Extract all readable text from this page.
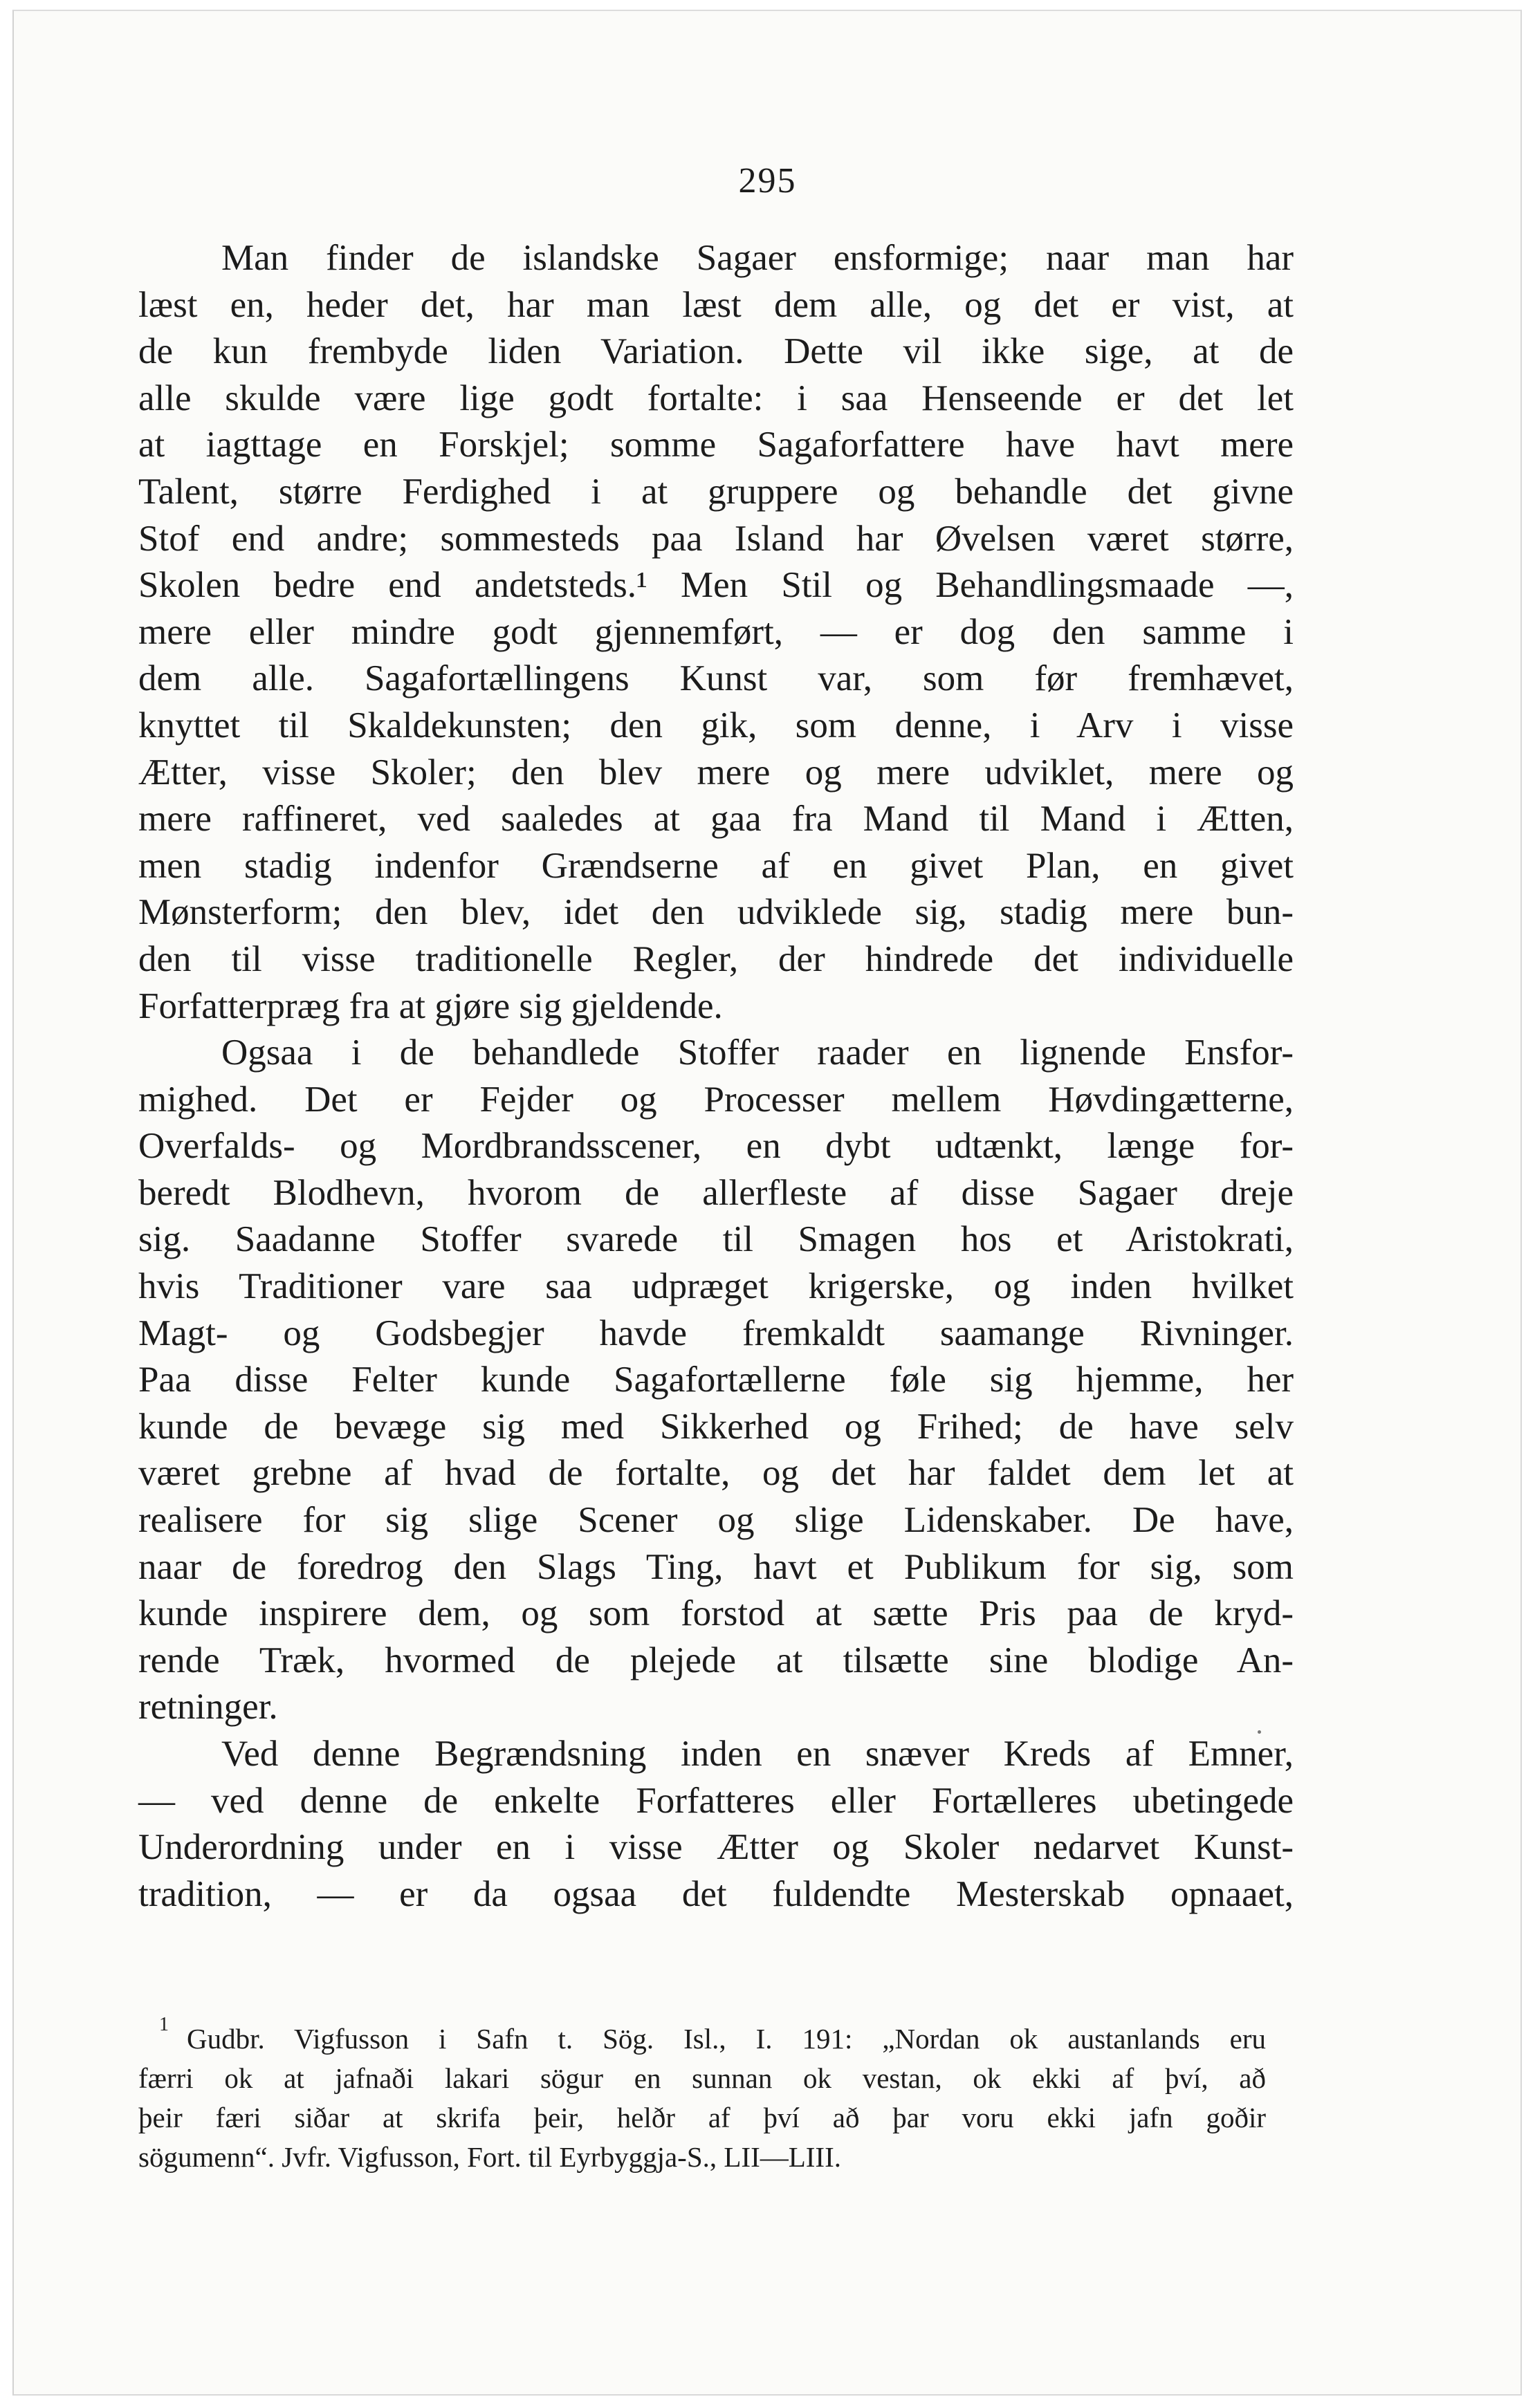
295
Man finder de islandske Sagaer ensformige; naar man har
læst en, heder det, har man læst dem alle, og det er vist, at
de kun frembyde liden Variation. Dette vil ikke sige, at de
alle skulde være lige godt fortalte: i saa Henseende er det let
at iagttage en Forskjel; somme Sagaforfattere have havt mere
Talent, større Ferdighed i at gruppere og behandle det givne
Stof end andre; sommesteds paa Island har Øvelsen været større,
Skolen bedre end andetsteds.¹ Men Stil og Behandlingsmaade —,
mere eller mindre godt gjennemført, — er dog den samme i
dem alle. Sagafortællingens Kunst var, som før fremhævet,
knyttet til Skaldekunsten; den gik, som denne, i Arv i visse
Ætter, visse Skoler; den blev mere og mere udviklet, mere og
mere raffineret, ved saaledes at gaa fra Mand til Mand i Ætten,
men stadig indenfor Grændserne af en givet Plan, en givet
Mønsterform; den blev, idet den udviklede sig, stadig mere bun-
den til visse traditionelle Regler, der hindrede det individuelle
Forfatterpræg fra at gjøre sig gjeldende.
Ogsaa i de behandlede Stoffer raader en lignende Ensfor-
mighed. Det er Fejder og Processer mellem Høvdingætterne,
Overfalds- og Mordbrandsscener, en dybt udtænkt, længe for-
beredt Blodhevn, hvorom de allerfleste af disse Sagaer dreje
sig. Saadanne Stoffer svarede til Smagen hos et Aristokrati,
hvis Traditioner vare saa udpræget krigerske, og inden hvilket
Magt- og Godsbegjer havde fremkaldt saamange Rivninger.
Paa disse Felter kunde Sagafortællerne føle sig hjemme, her
kunde de bevæge sig med Sikkerhed og Frihed; de have selv
været grebne af hvad de fortalte, og det har faldet dem let at
realisere for sig slige Scener og slige Lidenskaber. De have,
naar de foredrog den Slags Ting, havt et Publikum for sig, som
kunde inspirere dem, og som forstod at sætte Pris paa de kryd-
rende Træk, hvormed de plejede at tilsætte sine blodige An-
retninger.
Ved denne Begrændsning inden en snæver Kreds af Emner,
— ved denne de enkelte Forfatteres eller Fortælleres ubetingede
Underordning under en i visse Ætter og Skoler nedarvet Kunst-
tradition, — er da ogsaa det fuldendte Mesterskab opnaaet,
1 Gudbr. Vigfusson i Safn t. Sög. Isl., I. 191: „Nordan ok austanlands eru
færri ok at jafnaði lakari sögur en sunnan ok vestan, ok ekki af því, að
þeir færi siðar at skrifa þeir, helðr af því að þar voru ekki jafn goðir
sögumenn“. Jvfr. Vigfusson, Fort. til Eyrbyggja-S., LII—LIII.
